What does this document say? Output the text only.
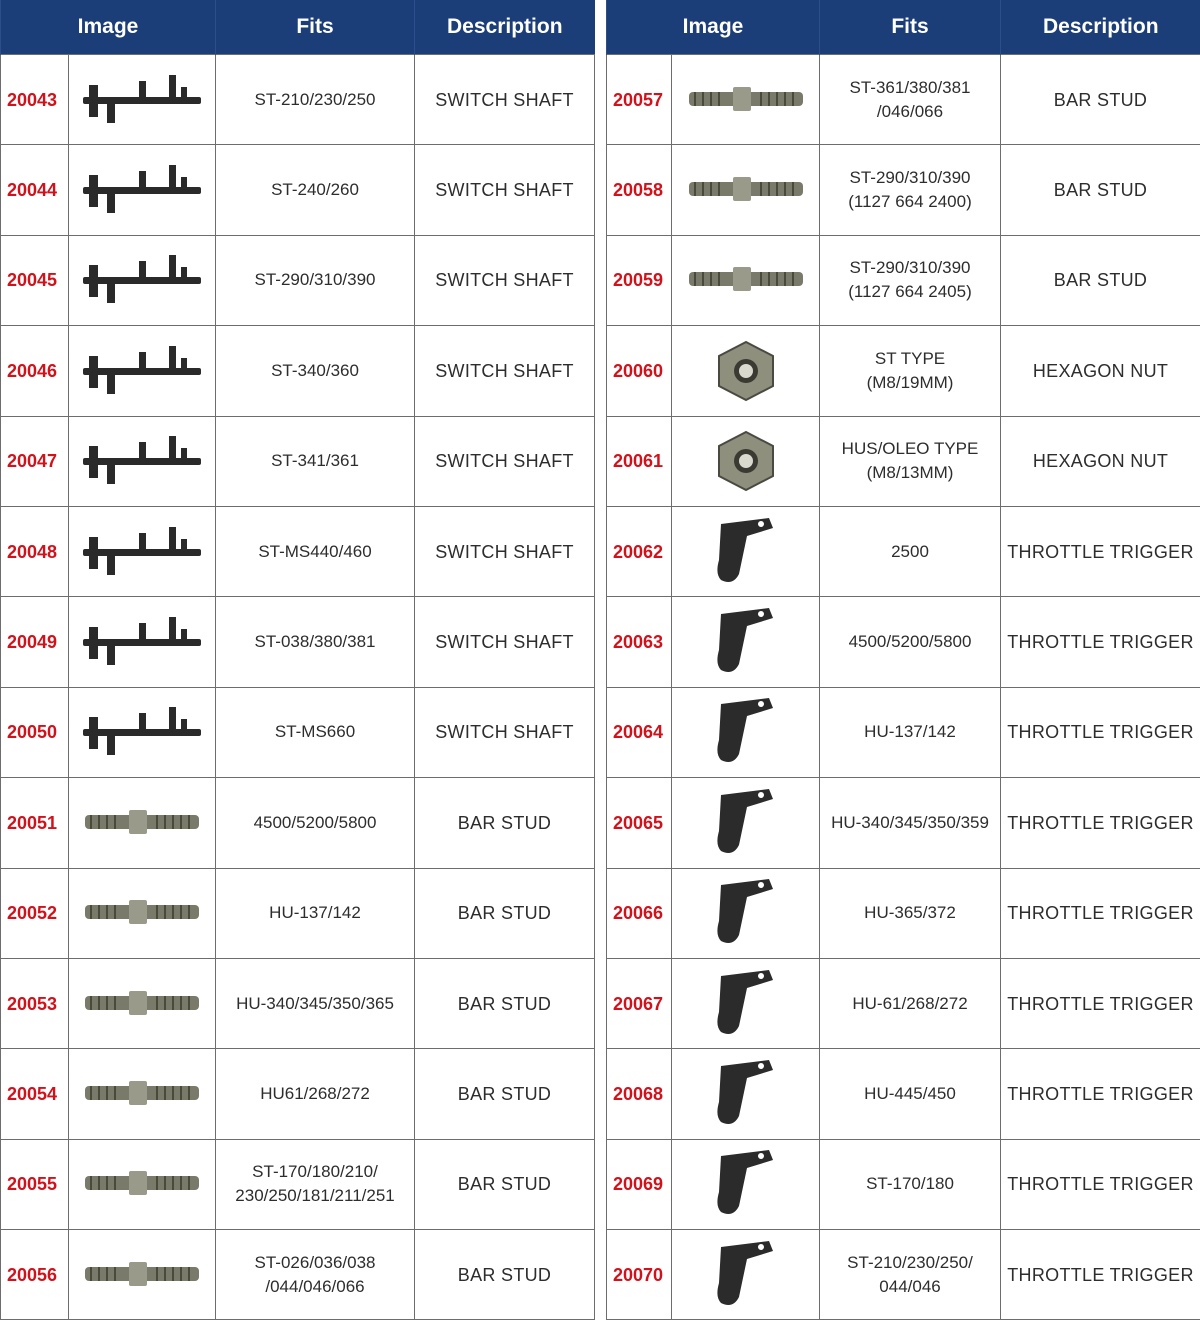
Image		Fits	Description
20043		ST-210/230/250	SWITCH SHAFT
20044		ST-240/260	SWITCH SHAFT
20045		ST-290/310/390	SWITCH SHAFT
20046		ST-340/360	SWITCH SHAFT
20047		ST-341/361	SWITCH SHAFT
20048		ST-MS440/460	SWITCH SHAFT
20049		ST-038/380/381	SWITCH SHAFT
20050		ST-MS660	SWITCH SHAFT
20051		4500/5200/5800	BAR STUD
20052		HU-137/142	BAR STUD
20053		HU-340/345/350/365	BAR STUD
20054		HU61/268/272	BAR STUD
20055		ST-170/180/210/
230/250/181/211/251	BAR STUD
20056		ST-026/036/038
/044/046/066	BAR STUD
Image		Fits	Description
20057		ST-361/380/381
/046/066	BAR STUD
20058		ST-290/310/390
(1127 664 2400)	BAR STUD
20059		ST-290/310/390
(1127 664 2405)	BAR STUD
20060		ST TYPE
(M8/19MM)	HEXAGON NUT
20061		HUS/OLEO TYPE
(M8/13MM)	HEXAGON NUT
20062		2500	THROTTLE TRIGGER
20063		4500/5200/5800	THROTTLE TRIGGER
20064		HU-137/142	THROTTLE TRIGGER
20065		HU-340/345/350/359	THROTTLE TRIGGER
20066		HU-365/372	THROTTLE TRIGGER
20067		HU-61/268/272	THROTTLE TRIGGER
20068		HU-445/450	THROTTLE TRIGGER
20069		ST-170/180	THROTTLE TRIGGER
20070		ST-210/230/250/
044/046	THROTTLE TRIGGER
